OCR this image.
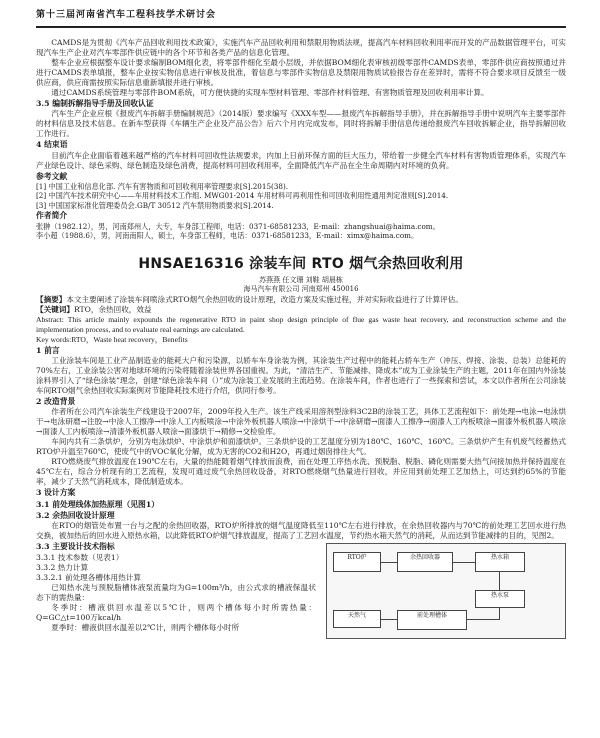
第十三届河南省汽车工程科技学术研讨会

CAMDS是为贯彻《汽车产品回收利用技术政策》，实施汽车产品回收利用和禁限用物质法规，提高汽车材料回收利用率而开发的产品数据管理平台，可实现汽车生产企业对汽车零部件供应链中的各个环节和各类产品的信息化管理。

整车企业应根据整车设计要求编制BOM细化表，将零部件细化至最小层级，并依据BOM细化表审核初级零部件CAMDS表单，零部件供应商按照通过并进行CAMDS表单填报，整车企业按实物信息进行审核及批准，着信息与零部件实物信息及禁限用物质试验报告存在差异时，需将不符合要求项目反馈至一级供应商，供应商需按照实际信息重新填报并进行审核。

通过CAMDS系统管理与零部件BOM系统，可方便快捷的实现车型材料管理、零部件材料管理、有害物质管理及回收利用率计算。

3.5 编制拆解指导手册及回收认证

汽车生产企业应根《报废汽车拆解手册编制规范》（2014版）要求编写《XXX车型——报废汽车拆解指导手册》，并在拆解指导手册中说明汽车主要零部件的材料信息及技术信息。在新车型获得《车辆生产企业及产品公告》后六个月内完成发布，同时将拆解手册信息传递给报废汽车回收拆解企业，指导拆解回收工作进行。

4 结束语

目前汽车企业面临着越来越严格的汽车材料可回收性法规要求，内加上日前环保方面的巨大压力，带给着一步健全汽车材料有害物质管理体系，实现汽车产业绿色设计、绿色采购、绿色制造及绿色消费，提高材料可回收利用率，全面降低汽车产品在全生命周期内对环境的负荷。

参考文献

[1] 中国工业和信息化部. 汽车有害物质和可回收利用率管理要求[S].2015(38).

[2] 中国汽车技术研究中心——车用材料技术工作组. MWG01-2014 车用材料可再利用性和可回收利用性通用判定准则[S].2014.

[3] 中国国家标准化管理委员会.GB/T 30512 汽车禁用物质要求[S].2014.

作者简介

张翀（1982.12），男，河南郑州人，大专，车身部工程师，电话：0371-68581233，E-mail：zhangshuai@haima.com。

李小超（1988.6），男，河南南阳人，硕士，车身部工程师，电话：0371-68581233，E-mail：ximx@haima.com。

HNSAE16316 涂装车间 RTO 烟气余热回收利用

苏燕燕 任文珊 刘鞋 胡晨栋

海马汽车有限公司 河南郑州 450016

【摘要】本文主要阐述了涂装车间喷涂式RTO烟气余热回收的设计原理，改造方案及实施过程，并对实际收益进行了计算评估。

【关键词】RTO，余热回收，效益

Abstract: This article mainly expounds the regenerative RTO in paint shop design principle of flue gas waste heat recovery, and reconstruction scheme and the implementation process, and to evaluate real earnings are calculated.

Key words:RTO，Waste heat recovery，Benefits

1 前言

工业涂装车间是工业产品制造业的能耗大户和污染源，以轿车车身涂装为例，其涂装生产过程中的能耗占轿车生产（冲压、焊接、涂装、总装）总能耗的70%左右，工业涂装公害对地球环境的污染将随着涂装世界各国重视。为此，“清洁生产、节能减排、降成本”成为工业涂装生产的主题，2011年在国内外涂装涂料界引入了“绿色涂装”理念，创建“绿色涂装车间（）”成为涂装工业发展的主流趋势。在涂装车间，作者也进行了一些探索和尝试，本文以作者所在公司涂装车间RTO烟气余热回收实际案例对节能降耗技术进行介绍，供同行参考。

2 改造背景

作者所在公司汽车涂装生产线建设于2007年，2009年投入生产。该生产线采用溶剂型涂料3C2B的涂装工艺，具体工艺流程如下：前处理→电泳→电泳烘干→电泳研磨→注胶→中涂人工擦净→中涂人工内板喷涂→中涂外板机器人喷涂→中涂烘干→中涂研磨→面漆人工擦净→面漆人工内板喷涂→面漆外板机器人喷涂→面漆人工内板喷涂→清漆外板机器人喷涂→面漆烘干→精修→交检验库。

车间内共有二条烘炉，分别为电泳烘炉、中涂烘炉和面漆烘炉。三条烘炉设的工艺温度分别为180℃、160℃、160℃。三条烘炉产生有机废气经蓄热式RTO炉升温至760℃，使废气中的VOC氧化分解，成为无害的CO2和H2O，再通过烟囱排往大气。

RTO燃烧废气排放温度在190℃左右，大量的热能随着烟气排放而浪费，而在处理工序热水洗、预脱脂、脱脂、磷化则需要大热气问接加热并保持温度在45℃左右，综合分析现有的工艺流程，发现可通过废气余热回收设备，对RTO燃烧烟气热量进行回收，并应用到前处理工艺加热上，可达到约65%的节能率，减少了天然气消耗成本，降低制造成本。

3 设计方案
3.1 前处理线体加热原理（见图1）
3.2 余热回收设计原理

在RTO的烟管处布置一台与之配的余热回收器，RTO炉所排放的烟气温度降低至110℃左右进行排放，在余热回收器内与70℃的前处理工艺回水进行热交换，被加热后的回水进入原热水箱，以此降低RTO炉烟气排放温度，提高了工艺回水温度，节约热水箱天然气的消耗，从而达到节能减排的目的，见图2。

3.3 主要设计技术指标

3.3.1 技术参数（见表1）

3.3.2 热力计算

3.3.2.1 前处理各槽体用热计算

已知热水洗与预脱脂槽体液泵流量均为G=100m³/h，由公式求的槽液保温状态下的需热量：

冬季时：槽液供回水温差以5℃计，则两个槽体每小时所需热量：Q=GC△t=100万kcal/h

夏季时：槽液供回水温差以2℃计，则两个槽体每小时所

RTO炉	余热回收器	热水箱
热水泵
前处理槽体
天然气
